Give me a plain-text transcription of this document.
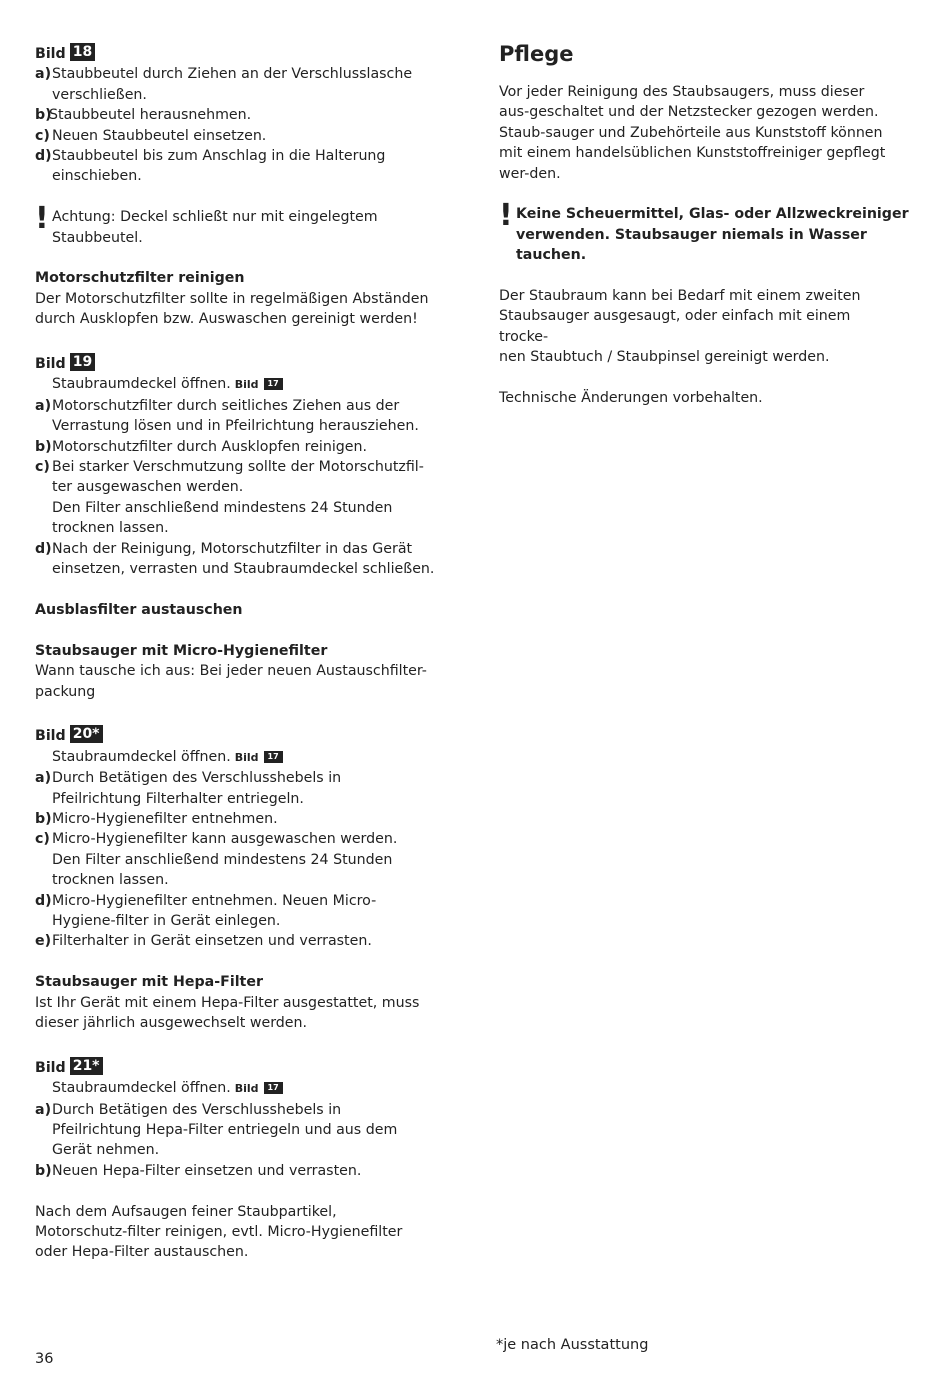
Bild 18

a) Staubbeutel durch Ziehen an der Verschlusslasche
verschließen.
b)
Staubbeutel herausnehmen.
c) Neuen Staubbeutel einsetzen.
d) Staubbeutel bis zum Anschlag in die Halterung
einschieben.
! Achtung: Deckel schließt nur mit eingelegtem
Staubbeutel.

Motorschutzfilter reinigen

Der Motorschutzfilter sollte in regelmäßigen Abständen

durch Ausklopfen bzw. Auswaschen gereinigt werden!

Bild 19

Staubraumdeckel öffnen. Bild 17
a) Motorschutzfilter durch seitliches Ziehen aus der
Verrastung lösen und in Pfeilrichtung herausziehen.
b) Motorschutzfilter durch Ausklopfen reinigen.
c) Bei starker Verschmutzung sollte der Motorschutzfil-
ter ausgewaschen werden.
Den Filter anschließend mindestens 24 Stunden
trocknen lassen.
d) Nach der Reinigung, Motorschutzfilter in das Gerät
einsetzen, verrasten und Staubraumdeckel schließen.

Ausblasfilter austauschen

Staubsauger mit Micro-Hygienefilter

Wann tausche ich aus: Bei jeder neuen Austauschfilter-

packung

Bild 20*

Staubraumdeckel öffnen. Bild 17
a) Durch Betätigen des Verschlusshebels in
Pfeilrichtung Filterhalter entriegeln.
b) Micro-Hygienefilter entnehmen.
c) Micro-Hygienefilter kann ausgewaschen werden.
Den Filter anschließend mindestens 24 Stunden
trocknen lassen.
d) Micro-Hygienefilter entnehmen. Neuen Micro-
Hygiene-filter in Gerät einlegen.
e) Filterhalter in Gerät einsetzen und verrasten.

Staubsauger mit Hepa-Filter

Ist Ihr Gerät mit einem Hepa-Filter ausgestattet, muss

dieser jährlich ausgewechselt werden.

Bild 21*

Staubraumdeckel öffnen. Bild 17
a) Durch Betätigen des Verschlusshebels in
Pfeilrichtung Hepa-Filter entriegeln und aus dem
Gerät nehmen.
b) Neuen Hepa-Filter einsetzen und verrasten.

Nach dem Aufsaugen feiner Staubpartikel,

Motorschutz-filter reinigen, evtl. Micro-Hygienefilter

oder Hepa-Filter austauschen.

Pflege

Vor jeder Reinigung des Staubsaugers, muss dieser

aus-geschaltet und der Netzstecker gezogen werden.

Staub-sauger und Zubehörteile aus Kunststoff können

mit einem handelsüblichen Kunststoffreiniger gepflegt

wer-den.

! Keine Scheuermittel, Glas- oder Allzweckreiniger
verwenden. Staubsauger niemals in Wasser
tauchen.

Der Staubraum kann bei Bedarf mit einem zweiten

Staubsauger ausgesaugt, oder einfach mit einem

trocke-

nen Staubtuch / Staubpinsel gereinigt werden.

Technische Änderungen vorbehalten.

36
*je nach Ausstattung
